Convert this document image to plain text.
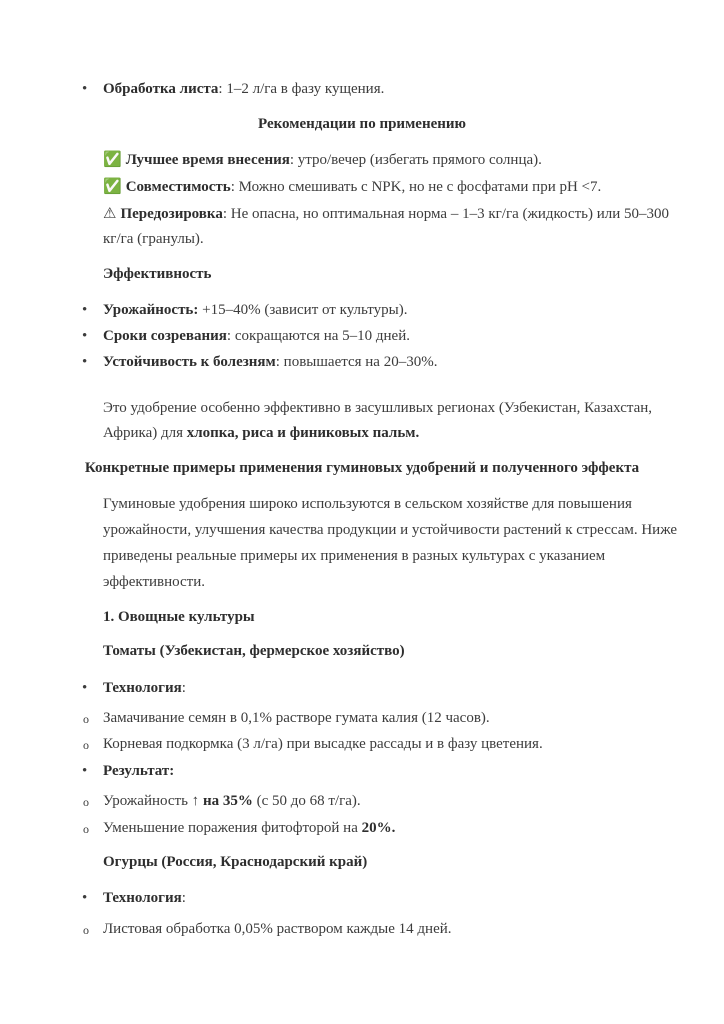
• Обработка листа: 1–2 л/га в фазу кущения.
Рекомендации по применению
✅ Лучшее время внесения: утро/вечер (избегать прямого солнца).
✅ Совместимость: Можно смешивать с NPK, но не с фосфатами при pH <7.
⚠ Передозировка: Не опасна, но оптимальная норма – 1–3 кг/га (жидкость) или 50–300
кг/га (гранулы).
Эффективность
• Урожайность: +15–40% (зависит от культуры).
• Сроки созревания: сокращаются на 5–10 дней.
• Устойчивость к болезням: повышается на 20–30%.
Это удобрение особенно эффективно в засушливых регионах (Узбекистан, Казахстан,
Африка) для хлопка, риса и финиковых пальм.
Конкретные примеры применения гуминовых удобрений и полученного эффекта
Гуминовые удобрения широко используются в сельском хозяйстве для повышения
урожайности, улучшения качества продукции и устойчивости растений к стрессам. Ниже
приведены реальные примеры их применения в разных культурах с указанием
эффективности.
1. Овощные культуры
Томаты (Узбекистан, фермерское хозяйство)
• Технология:
o Замачивание семян в 0,1% растворе гумата калия (12 часов).
o Корневая подкормка (3 л/га) при высадке рассады и в фазу цветения.
• Результат:
o Урожайность ↑ на 35% (с 50 до 68 т/га).
o Уменьшение поражения фитофторой на 20%.
Огурцы (Россия, Краснодарский край)
• Технология:
o Листовая обработка 0,05% раствором каждые 14 дней.
